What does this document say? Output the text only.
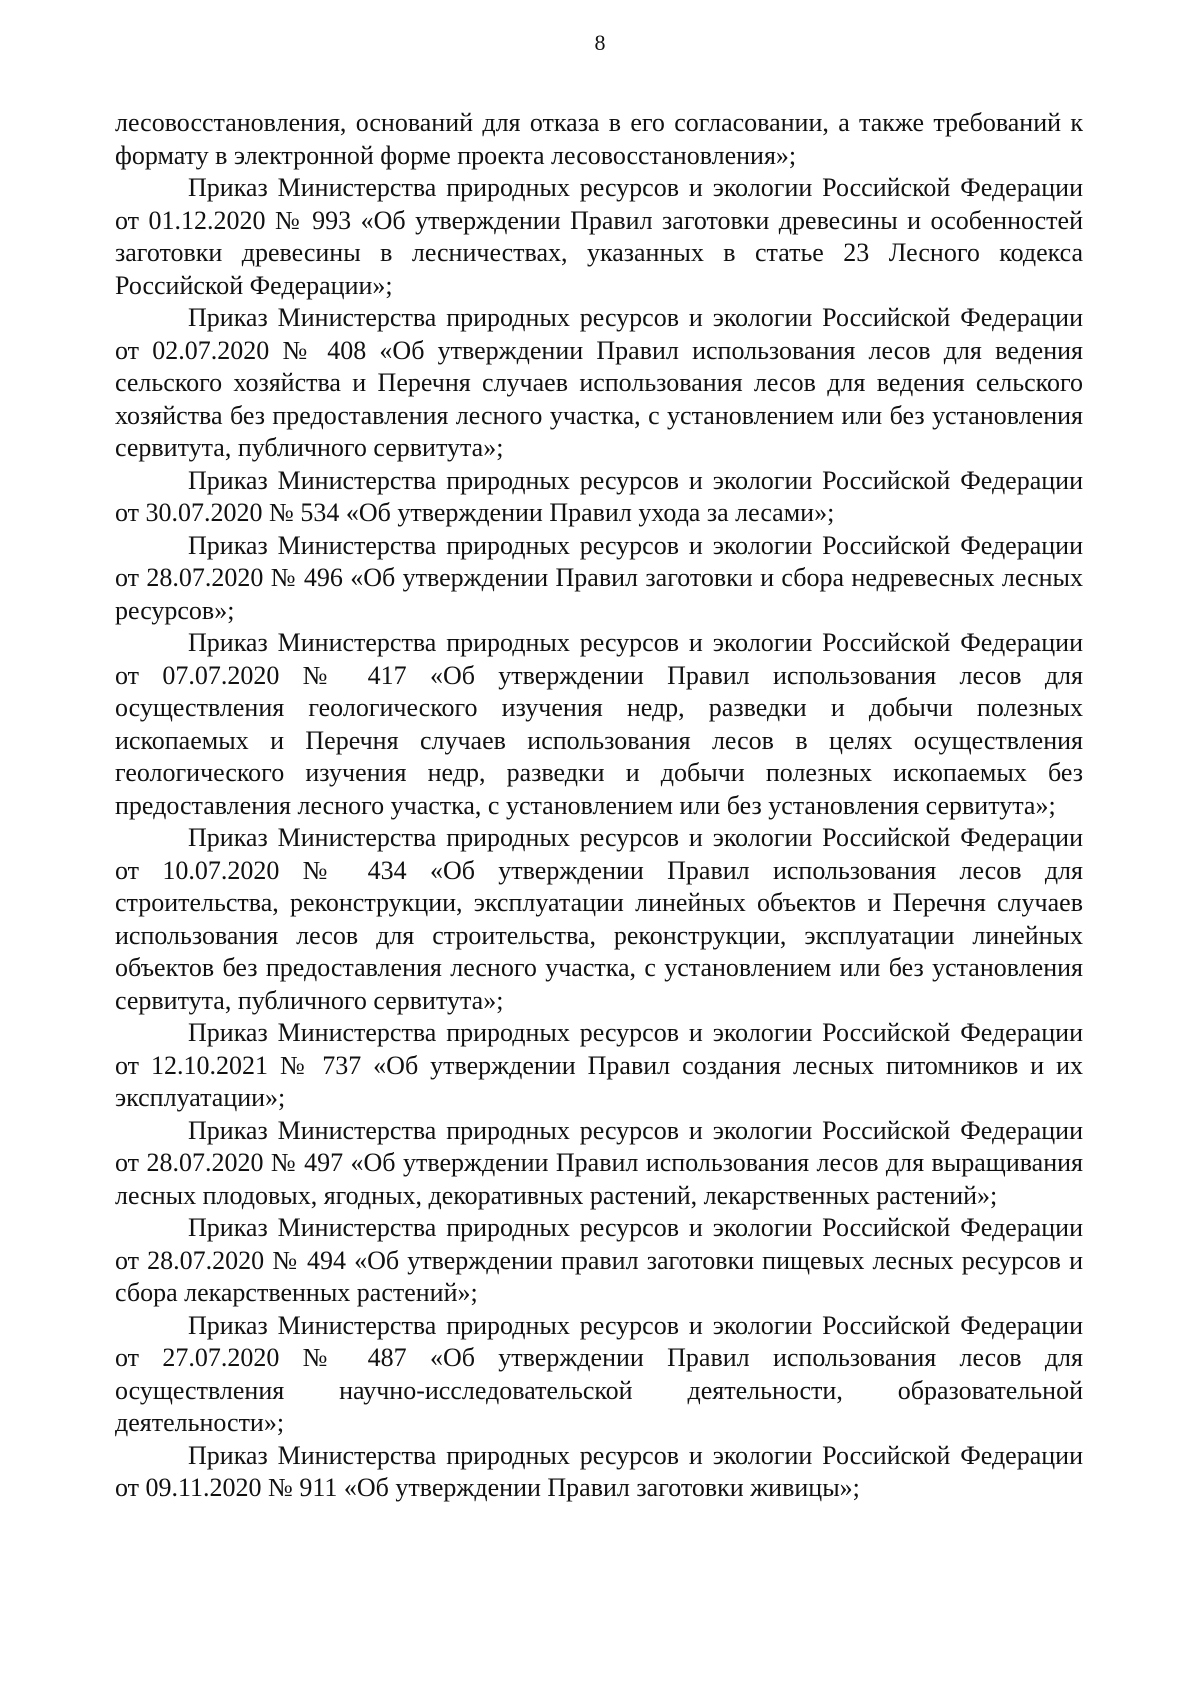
8

лесовосстановления, оснований для отказа в его согласовании, а также требований к формату в электронной форме проекта лесовосстановления»;

Приказ Министерства природных ресурсов и экологии Российской Федерации от 01.12.2020 № 993 «Об утверждении Правил заготовки древесины и особенностей заготовки древесины в лесничествах, указанных в статье 23 Лесного кодекса Российской Федерации»;

Приказ Министерства природных ресурсов и экологии Российской Федерации от 02.07.2020 № 408 «Об утверждении Правил использования лесов для ведения сельского хозяйства и Перечня случаев использования лесов для ведения сельского хозяйства без предоставления лесного участка, с установлением или без установления сервитута, публичного сервитута»;

Приказ Министерства природных ресурсов и экологии Российской Федерации от 30.07.2020 № 534 «Об утверждении Правил ухода за лесами»;

Приказ Министерства природных ресурсов и экологии Российской Федерации от 28.07.2020 № 496 «Об утверждении Правил заготовки и сбора недревесных лесных ресурсов»;

Приказ Министерства природных ресурсов и экологии Российской Федерации от 07.07.2020 № 417 «Об утверждении Правил использования лесов для осуществления геологического изучения недр, разведки и добычи полезных ископаемых и Перечня случаев использования лесов в целях осуществления геологического изучения недр, разведки и добычи полезных ископаемых без предоставления лесного участка, с установлением или без установления сервитута»;

Приказ Министерства природных ресурсов и экологии Российской Федерации от 10.07.2020 № 434 «Об утверждении Правил использования лесов для строительства, реконструкции, эксплуатации линейных объектов и Перечня случаев использования лесов для строительства, реконструкции, эксплуатации линейных объектов без предоставления лесного участка, с установлением или без установления сервитута, публичного сервитута»;

Приказ Министерства природных ресурсов и экологии Российской Федерации от 12.10.2021 № 737 «Об утверждении Правил создания лесных питомников и их эксплуатации»;

Приказ Министерства природных ресурсов и экологии Российской Федерации от 28.07.2020 № 497 «Об утверждении Правил использования лесов для выращивания лесных плодовых, ягодных, декоративных растений, лекарственных растений»;

Приказ Министерства природных ресурсов и экологии Российской Федерации от 28.07.2020 № 494 «Об утверждении правил заготовки пищевых лесных ресурсов и сбора лекарственных растений»;

Приказ Министерства природных ресурсов и экологии Российской Федерации от 27.07.2020 № 487 «Об утверждении Правил использования лесов для осуществления научно-исследовательской деятельности, образовательной деятельности»;

Приказ Министерства природных ресурсов и экологии Российской Федерации от 09.11.2020 № 911 «Об утверждении Правил заготовки живицы»;
